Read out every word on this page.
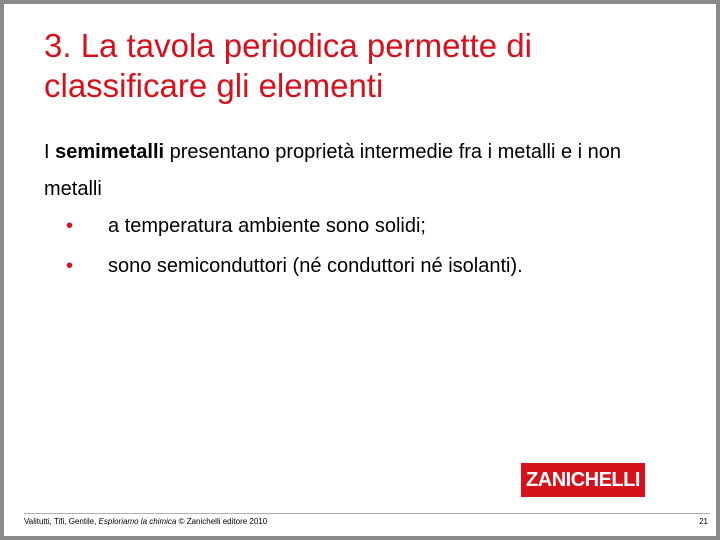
3. La tavola periodica permette di
classificare gli elementi
I semimetalli presentano proprietà intermedie fra i metalli e i non metalli
• a temperatura ambiente sono solidi;
• sono semiconduttori (né conduttori né isolanti).
ZANICHELLI
Valitutti, Tifi, Gentile, Esploriamo la chimica © Zanichelli editore 2010	21
